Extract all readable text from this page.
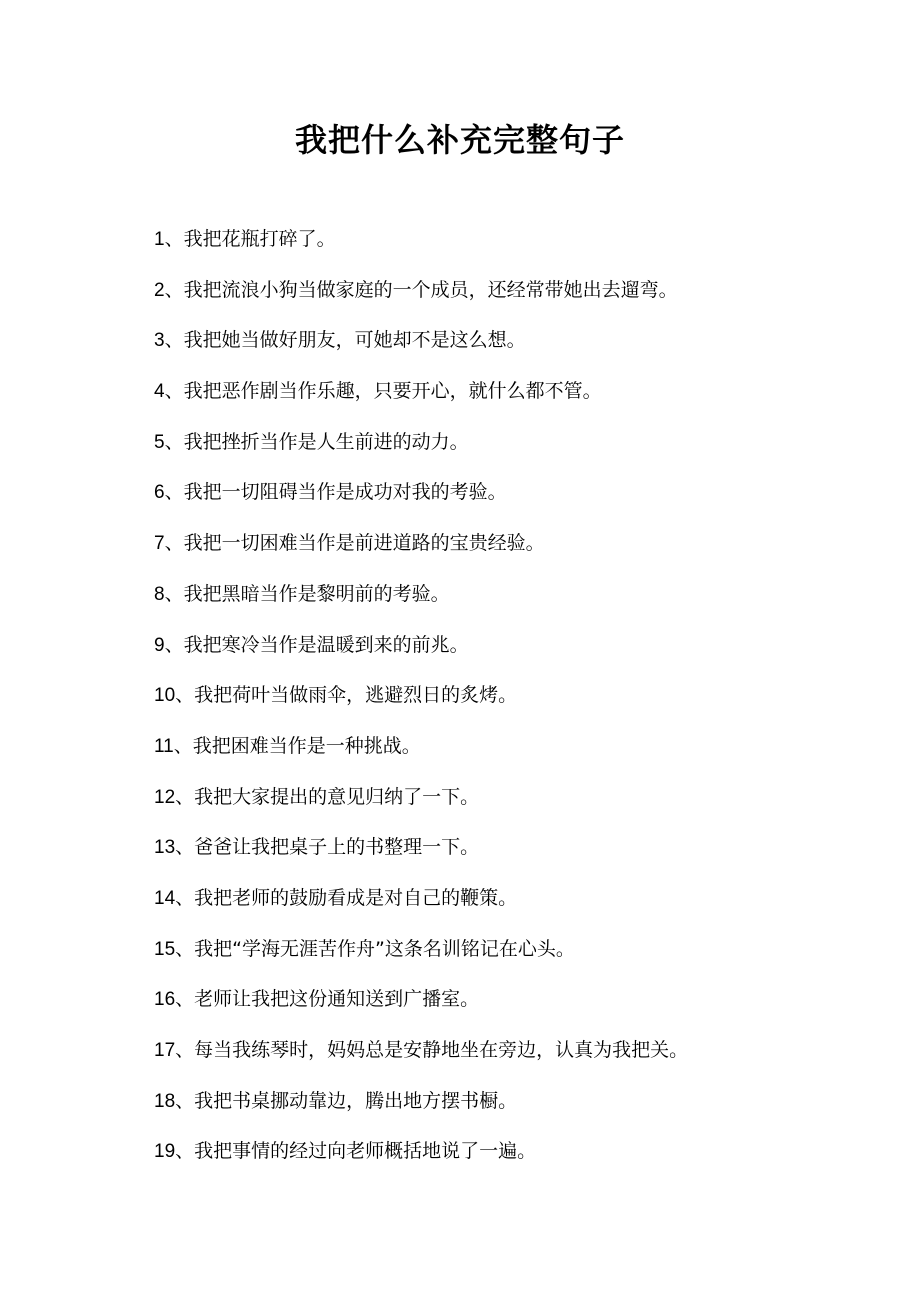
我把什么补充完整句子
1、我把花瓶打碎了。
2、我把流浪小狗当做家庭的一个成员，还经常带她出去遛弯。
3、我把她当做好朋友，可她却不是这么想。
4、我把恶作剧当作乐趣，只要开心，就什么都不管。
5、我把挫折当作是人生前进的动力。
6、我把一切阻碍当作是成功对我的考验。
7、我把一切困难当作是前进道路的宝贵经验。
8、我把黑暗当作是黎明前的考验。
9、我把寒冷当作是温暖到来的前兆。
10、我把荷叶当做雨伞，逃避烈日的炙烤。
11、我把困难当作是一种挑战。
12、我把大家提出的意见归纳了一下。
13、爸爸让我把桌子上的书整理一下。
14、我把老师的鼓励看成是对自己的鞭策。
15、我把“学海无涯苦作舟”这条名训铭记在心头。
16、老师让我把这份通知送到广播室。
17、每当我练琴时，妈妈总是安静地坐在旁边，认真为我把关。
18、我把书桌挪动靠边，腾出地方摆书橱。
19、我把事情的经过向老师概括地说了一遍。
